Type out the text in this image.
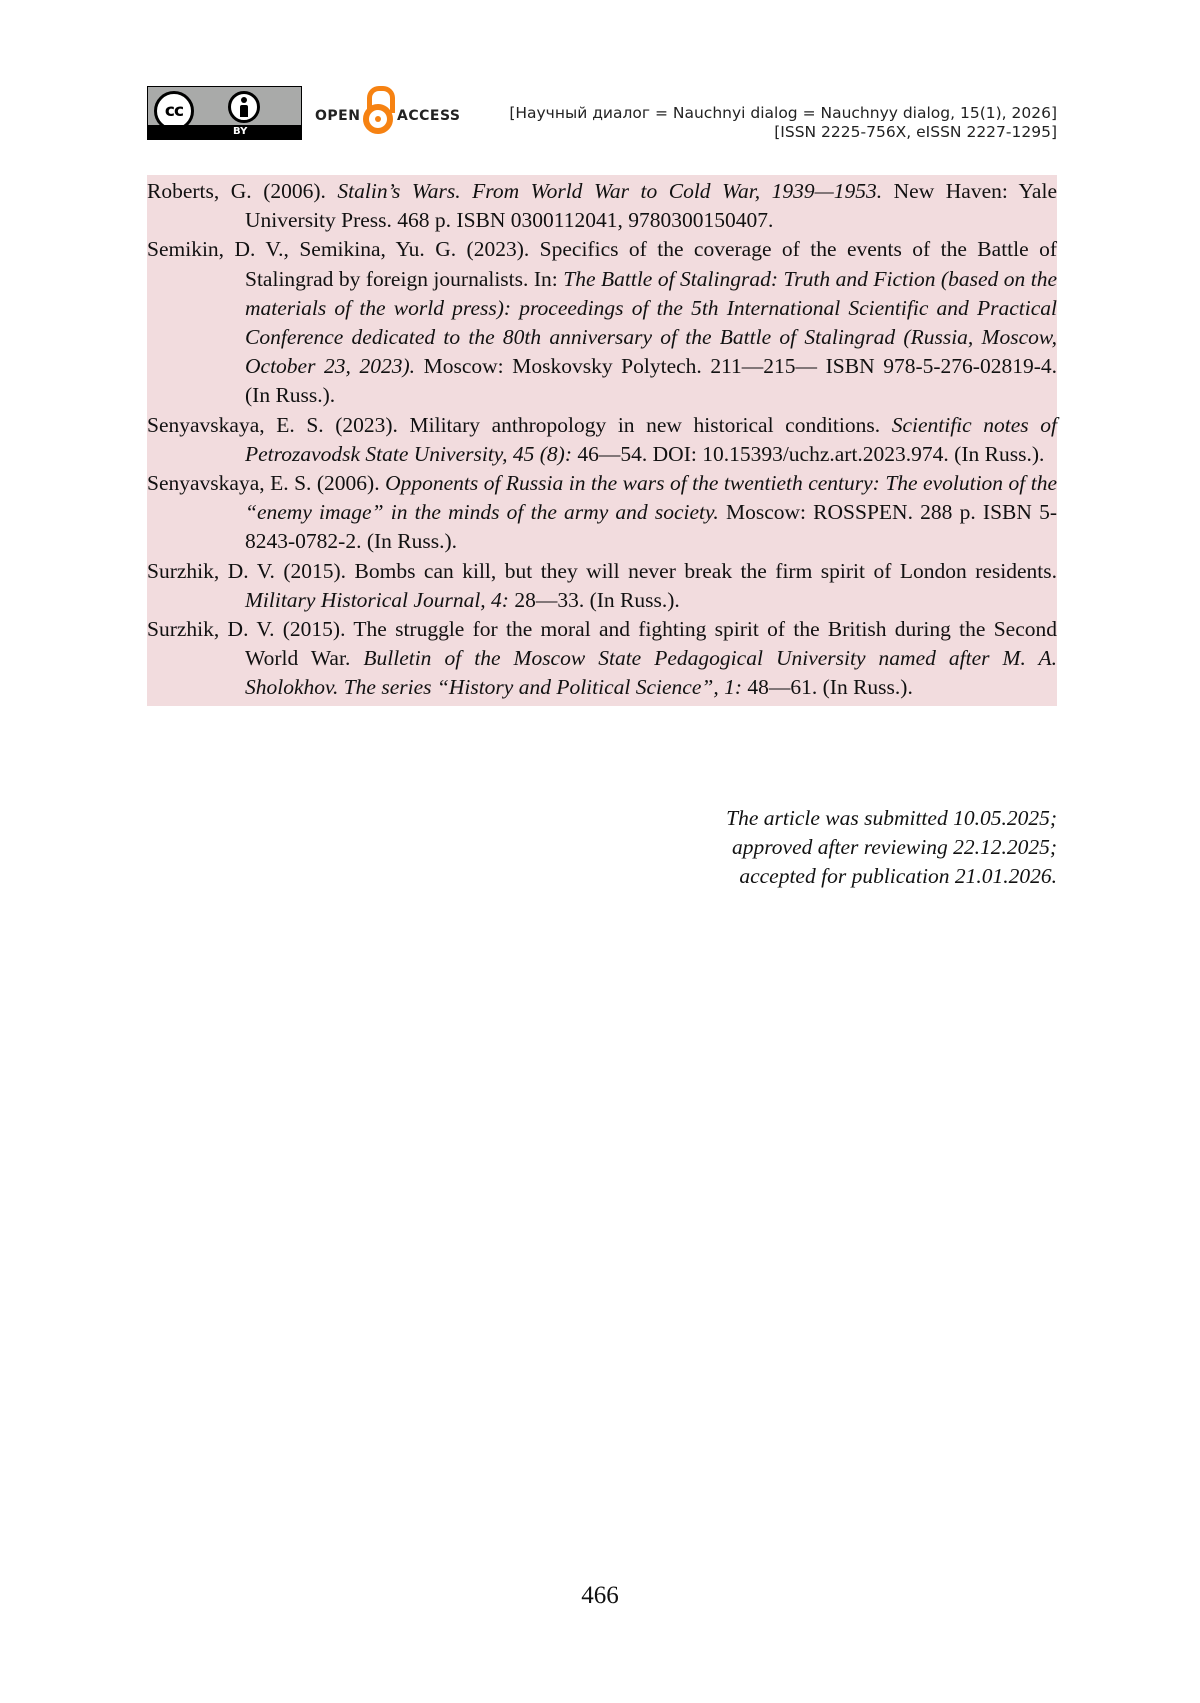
cc
BY
OPEN	ACCESS	[Научный диалог = Nauchnyi dialog = Nauchnyy dialog, 15(1), 2026]
[ISSN 2225-756X, eISSN 2227-1295]

Roberts, G. (2006). Stalin’s Wars. From World War to Cold War, 1939—1953. New Haven: Yale University Press. 468 p. ISBN 0300112041, 9780300150407.

Semikin, D. V., Semikina, Yu. G. (2023). Specifics of the coverage of the events of the Battle of Stalingrad by foreign journalists. In: The Battle of Stalingrad: Truth and Fiction (based on the materials of the world press): proceedings of the 5th International Scientific and Practical Conference dedicated to the 80th anniversary of the Battle of Stalingrad (Russia, Moscow, October 23, 2023). Moscow: Moskovsky Polytech. 211—215— ISBN 978-5-276-02819-4. (In Russ.).

Senyavskaya, E. S. (2023). Military anthropology in new historical conditions. Scientific notes of Petrozavodsk State University, 45 (8): 46—54. DOI: 10.15393/uchz.art.2023.974. (In Russ.).

Senyavskaya, E. S. (2006). Opponents of Russia in the wars of the twentieth century: The evolution of the “enemy image” in the minds of the army and society. Moscow: ROSSPEN. 288 p. ISBN 5-8243-0782-2. (In Russ.).

Surzhik, D. V. (2015). Bombs can kill, but they will never break the firm spirit of London residents. Military Historical Journal, 4: 28—33. (In Russ.).

Surzhik, D. V. (2015). The struggle for the moral and fighting spirit of the British during the Second World War. Bulletin of the Moscow State Pedagogical University named after M. A. Sholokhov. The series “History and Political Science”, 1: 48—61. (In Russ.).

The article was submitted 10.05.2025;
approved after reviewing 22.12.2025;
accepted for publication 21.01.2026.
466
